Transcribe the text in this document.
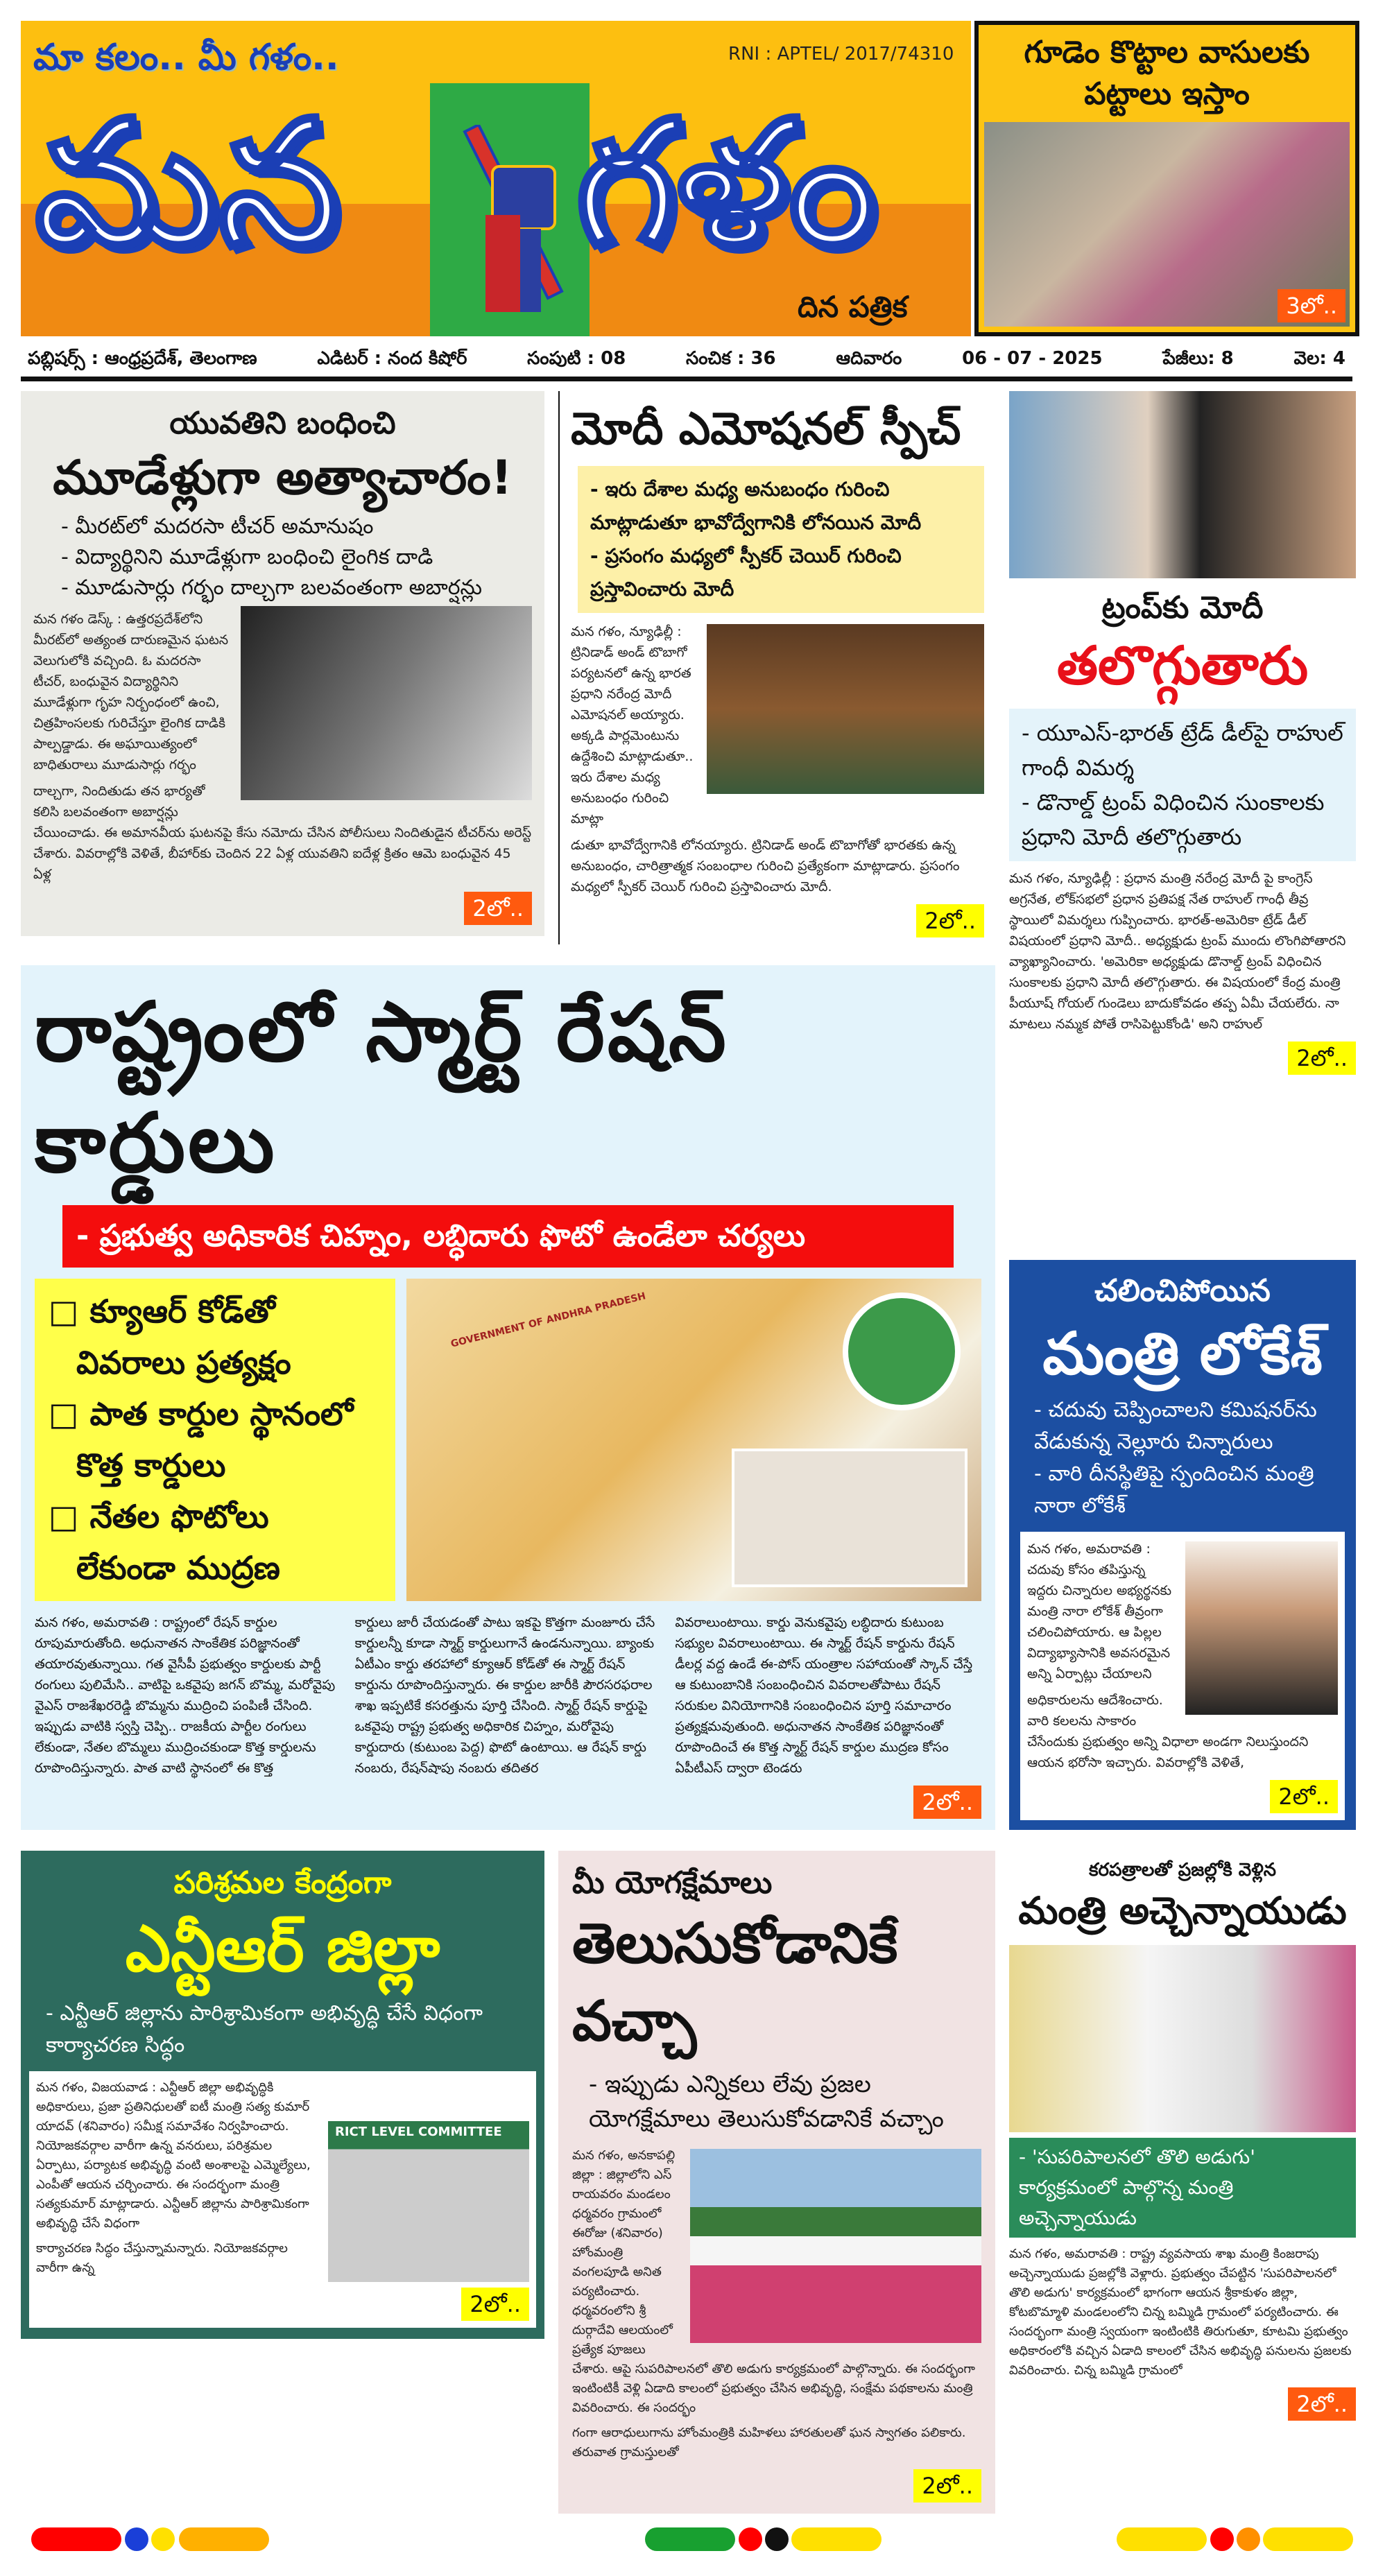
మా కలం.. మీ గళం..	RNI : APTEL/ 2017/74310
మన గళం
దిన పత్రిక
గూడెం కొట్టాల వాసులకు పట్టాలు ఇస్తాం
3లో..
పబ్లిషర్స్ : ఆంధ్రప్రదేశ్, తెలంగాణ	ఎడిటర్ : నంద కిషోర్	సంపుటి : 08	సంచిక : 36	ఆదివారం	06 - 07 - 2025	పేజీలు: 8	వెల: 4
యువతిని బంధించి
మూడేళ్లుగా అత్యాచారం!
- మీరట్‌లో మదరసా టీచర్ అమానుషం
- విద్యార్థినిని మూడేళ్లుగా బంధించి లైంగిక దాడి
- మూడుసార్లు గర్భం దాల్చగా బలవంతంగా అబార్షన్లు

మన గళం డెస్క్ : ఉత్తరప్రదేశ్‌లోని మీరట్‌లో అత్యంత దారుణమైన ఘటన వెలుగులోకి వచ్చింది. ఓ మదరసా టీచర్, బంధువైన విద్యార్థినిని మూడేళ్లుగా గృహ నిర్బంధంలో ఉంచి, చిత్రహింసలకు గురిచేస్తూ లైంగిక దాడికి పాల్పడ్డాడు. ఈ అఘాయిత్యంలో బాధితురాలు మూడుసార్లు గర్భం

దాల్చగా, నిందితుడు తన భార్యతో కలిసి బలవంతంగా అబార్షన్లు చేయించాడు. ఈ అమానవీయ ఘటనపై కేసు నమోదు చేసిన పోలీసులు నిందితుడైన టీచర్‌ను అరెస్ట్ చేశారు. వివరాల్లోకి వెళితే, బీహార్‌కు చెందిన 22 ఏళ్ల యువతిని ఐదేళ్ల క్రితం ఆమె బంధువైన 45 ఏళ్ల

2లో..
మోదీ ఎమోషనల్ స్పీచ్
- ఇరు దేశాల మధ్య అనుబంధం గురించి మాట్లాడుతూ భావోద్వేగానికి లోనయిన మోదీ
- ప్రసంగం మధ్యలో స్పీకర్ చెయిర్ గురించి ప్రస్తావించారు మోదీ

మన గళం, న్యూఢిల్లీ : ట్రినిడాడ్ అండ్ టొబాగో పర్యటనలో ఉన్న భారత ప్రధాని నరేంద్ర మోదీ ఎమోషనల్ అయ్యారు. అక్కడి పార్లమెంటును ఉద్దేశించి మాట్లాడుతూ.. ఇరు దేశాల మధ్య అనుబంధం గురించి మాట్లా

డుతూ భావోద్వేగానికి లోనయ్యారు. ట్రినిడాడ్ అండ్ టొబాగోతో భారతకు ఉన్న అనుబంధం, చారిత్రాత్మక సంబంధాల గురించి ప్రత్యేకంగా మాట్లాడారు. ప్రసంగం మధ్యలో స్పీకర్ చెయిర్ గురించి ప్రస్తావించారు మోదీ.

2లో..
ట్రంప్‌కు మోదీ
తలొగ్గుతారు
- యూఎస్-భారత్ ట్రేడ్ డీల్‌పై రాహుల్ గాంధీ విమర్శ
- డొనాల్డ్ ట్రంప్ విధించిన సుంకాలకు ప్రధాని మోదీ తలొగ్గుతారు

మన గళం, న్యూఢిల్లీ : ప్రధాన మంత్రి నరేంద్ర మోదీ పై కాంగ్రెస్ అగ్రనేత, లోక్‌సభలో ప్రధాన ప్రతిపక్ష నేత రాహుల్ గాంధీ తీవ్ర స్థాయిలో విమర్శలు గుప్పించారు. భారత్-అమెరికా ట్రేడ్ డీల్ విషయంలో ప్రధాని మోదీ.. అధ్యక్షుడు ట్రంప్ ముందు లొంగిపోతారని వ్యాఖ్యానించారు. 'అమెరికా అధ్యక్షుడు డొనాల్డ్ ట్రంప్ విధించిన సుంకాలకు ప్రధాని మోదీ తలొగ్గుతారు. ఈ విషయంలో కేంద్ర మంత్రి పీయూష్ గోయల్ గుండెలు బాదుకోవడం తప్ప ఏమీ చేయలేరు. నా మాటలు నమ్మక పోతే రాసిపెట్టుకోండి' అని రాహుల్

2లో..
రాష్ట్రంలో స్మార్ట్ రేషన్ కార్డులు
- ప్రభుత్వ అధికారిక చిహ్నం, లబ్ధిదారు ఫొటో ఉండేలా చర్యలు
□ క్యూఆర్ కోడ్‌తో
వివరాలు ప్రత్యక్షం
□ పాత కార్డుల స్థానంలో
కొత్త కార్డులు
□ నేతల ఫొటోలు
లేకుండా ముద్రణ
GOVERNMENT OF ANDHRA PRADESH
మన గళం, అమరావతి : రాష్ట్రంలో రేషన్ కార్డుల రూపుమారుతోంది. అధునాతన సాంకేతిక పరిజ్ఞానంతో తయారవుతున్నాయి. గత వైసీపీ ప్రభుత్వం కార్డులకు పార్టీ రంగులు పులిమేసి.. వాటిపై ఒకవైపు జగన్ బొమ్మ, మరోవైపు వైఎస్ రాజశేఖరరెడ్డి బొమ్మను ముద్రించి పంపిణీ చేసింది. ఇప్పుడు వాటికి స్వస్తి చెప్పి.. రాజకీయ పార్టీల రంగులు లేకుండా, నేతల బొమ్మలు ముద్రించకుండా కొత్త కార్డులను రూపొందిస్తున్నారు. పాత వాటి స్థానంలో ఈ కొత్త
కార్డులు జారీ చేయడంతో పాటు ఇకపై కొత్తగా మంజూరు చేసే కార్డులన్నీ కూడా స్మార్ట్ కార్డులుగానే ఉండనున్నాయి. బ్యాంకు ఏటీఎం కార్డు తరహాలో క్యూఆర్ కోడ్‌తో ఈ స్మార్ట్ రేషన్ కార్డును రూపొందిస్తున్నారు. ఈ కార్డుల జారీకి పౌరసరఫరాల శాఖ ఇప్పటికే కసరత్తును పూర్తి చేసింది. స్మార్ట్ రేషన్ కార్డుపై ఒకవైపు రాష్ట్ర ప్రభుత్వ అధికారిక చిహ్నం, మరోవైపు కార్డుదారు (కుటుంబ పెద్ద) ఫొటో ఉంటాయి. ఆ రేషన్ కార్డు నంబరు, రేషన్‌షాపు నంబరు తదితర
వివరాలుంటాయి. కార్డు వెనుకవైపు లబ్ధిదారు కుటుంబ సభ్యుల వివరాలుంటాయి. ఈ స్మార్ట్ రేషన్ కార్డును రేషన్ డీలర్ల వద్ద ఉండే ఈ-పోస్ యంత్రాల సహాయంతో స్కాన్ చేస్తే ఆ కుటుంబానికి సంబంధించిన వివరాలతోపాటు రేషన్ సరుకుల వినియోగానికి సంబంధించిన పూర్తి సమాచారం ప్రత్యక్షమవుతుంది. అధునాతన సాంకేతిక పరిజ్ఞానంతో రూపొందించే ఈ కొత్త స్మార్ట్ రేషన్ కార్డుల ముద్రణ కోసం ఏపీటీఎస్ ద్వారా టెండరు
2లో..
చలించిపోయిన
మంత్రి లోకేశ్
- చదువు చెప్పించాలని కమిషనర్‌ను వేడుకున్న నెల్లూరు చిన్నారులు
- వారి దీనస్థితిపై స్పందించిన మంత్రి నారా లోకేశ్

మన గళం, అమరావతి : చదువు కోసం తపిస్తున్న ఇద్దరు చిన్నారుల అభ్యర్థనకు మంత్రి నారా లోకేశ్ తీవ్రంగా చలించిపోయారు. ఆ పిల్లల విద్యాభ్యాసానికి అవసరమైన అన్ని ఏర్పాట్లు చేయాలని

అధికారులను ఆదేశించారు. వారి కలలను సాకారం చేసేందుకు ప్రభుత్వం అన్ని విధాలా అండగా నిలుస్తుందని ఆయన భరోసా ఇచ్చారు. వివరాల్లోకి వెళితే,

2లో..
పరిశ్రమల కేంద్రంగా
ఎన్టీఆర్ జిల్లా
- ఎన్టీఆర్ జిల్లాను పారిశ్రామికంగా అభివృద్ధి చేసే విధంగా కార్యాచరణ సిద్ధం
RICT LEVEL COMMITTEE

మన గళం, విజయవాడ : ఎన్టీఆర్ జిల్లా అభివృద్ధికి అధికారులు, ప్రజా ప్రతినిధులతో ఐటీ మంత్రి సత్య కుమార్ యాదవ్ (శనివారం) సమీక్ష సమావేశం నిర్వహించారు. నియోజకవర్గాల వారీగా ఉన్న వనరులు, పరిశ్రమల ఏర్పాటు, పర్యాటక అభివృద్ధి వంటి అంశాలపై ఎమ్మెల్యేలు, ఎంపీతో ఆయన చర్చించారు. ఈ సందర్భంగా మంత్రి సత్యకుమార్ మాట్లాడారు. ఎన్టీఆర్ జిల్లాను పారిశ్రామికంగా అభివృద్ధి చేసే విధంగా

కార్యాచరణ సిద్ధం చేస్తున్నామన్నారు. నియోజకవర్గాల వారీగా ఉన్న

2లో..
మీ యోగక్షేమాలు
తెలుసుకోడానికే వచ్చా
- ఇప్పుడు ఎన్నికలు లేవు ప్రజల యోగక్షేమాలు తెలుసుకోవడానికే వచ్చాం

మన గళం, అనకాపల్లి జిల్లా : జిల్లాలోని ఎస్ రాయవరం మండలం ధర్మవరం గ్రామంలో ఈరోజు (శనివారం) హోంమంత్రి వంగలపూడి అనిత పర్యటించారు. ధర్మవరంలోని శ్రీ దుర్గాదేవి ఆలయంలో ప్రత్యేక పూజలు చేశారు. ఆపై సుపరిపాలనలో తొలి అడుగు కార్యక్రమంలో పాల్గొన్నారు. ఈ సందర్భంగా ఇంటింటికీ వెళ్లి ఏడాది కాలంలో ప్రభుత్వం చేసిన అభివృద్ధి, సంక్షేమ పథకాలను మంత్రి వివరించారు. ఈ సందర్భం

గంగా ఆరాధులుగాను హోంమంత్రికి మహిళలు హారతులతో ఘన స్వాగతం పలికారు. తరువాత గ్రామస్తులతో

2లో..
కరపత్రాలతో ప్రజల్లోకి వెళ్లిన
మంత్రి అచ్చెన్నాయుడు
- 'సుపరిపాలనలో తొలి అడుగు' కార్యక్రమంలో పాల్గొన్న మంత్రి అచ్చెన్నాయుడు

మన గళం, అమరావతి : రాష్ట్ర వ్యవసాయ శాఖ మంత్రి కింజరాపు అచ్చెన్నాయుడు ప్రజల్లోకి వెళ్లారు. ప్రభుత్వం చేపట్టిన 'సుపరిపాలనలో తొలి అడుగు' కార్యక్రమంలో భాగంగా ఆయన శ్రీకాకుళం జిల్లా, కోటబొమ్మాళి మండలంలోని చిన్న బమ్మిడి గ్రామంలో పర్యటించారు. ఈ సందర్భంగా మంత్రి స్వయంగా ఇంటింటికి తిరుగుతూ, కూటమి ప్రభుత్వం అధికారంలోకి వచ్చిన ఏడాది కాలంలో చేసిన అభివృద్ధి పనులను ప్రజలకు వివరించారు. చిన్న బమ్మిడి గ్రామంలో

2లో..
